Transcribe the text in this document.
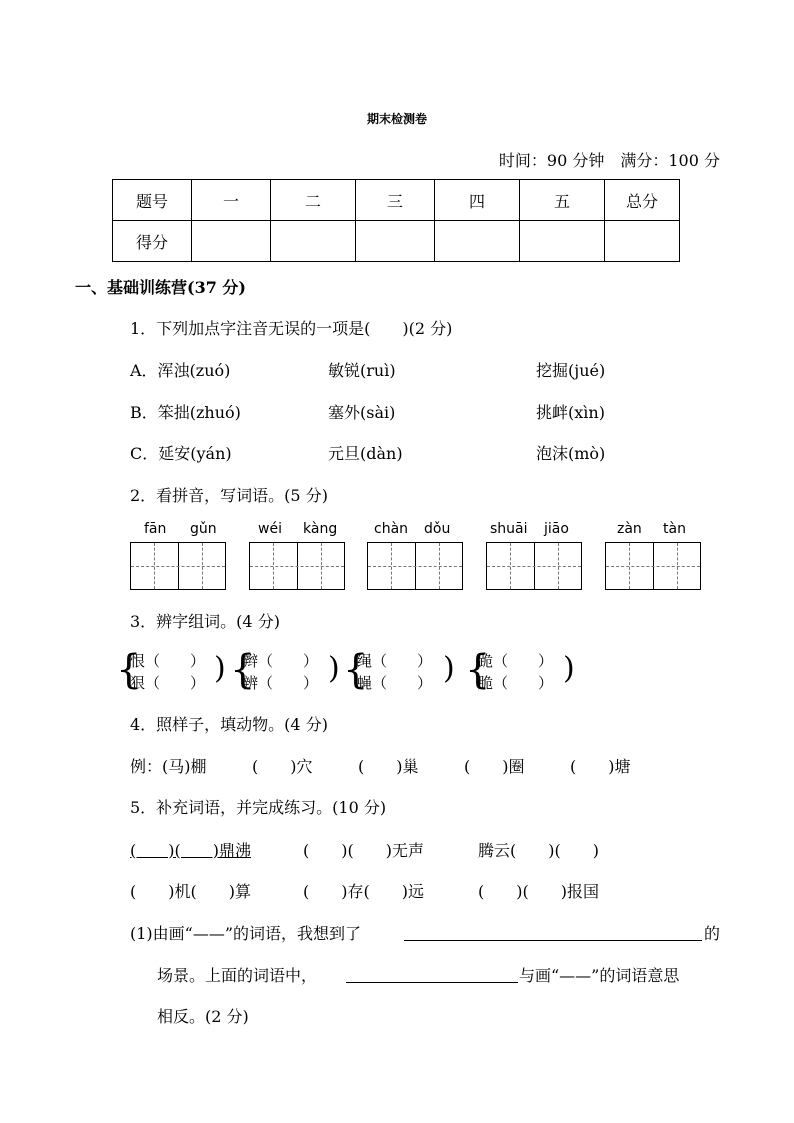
期末检测卷
时间：90 分钟　满分：100 分
题号	一	二	三	四	五	总分
得分						
一、基础训练营(37 分)
1．下列加点字注音无误的一项是(　　)(2 分)
A．浑浊(zuó)	敏锐(ruì)	挖掘(jué)
B．笨拙(zhuó)	塞外(sài)	挑衅(xìn)
C．延安(yán)	元旦(dàn)	泡沫(mò)
2．看拼音，写词语。(5 分)
fān gǔn	wéi kàng	chàn dǒu	shuāi jiāo	zàn tàn
3．辨字组词。(4 分)
{
恨（　　）
狠（　　） ) {
辫（　　）
辨（　　） ) {
绳（　　）
蝇（　　） ) {
跪（　　）
脆（　　） )
4．照样子，填动物。(4 分)
例：(马)棚	(　　)穴	(　　)巢	(　　)圈	(　　)塘
5．补充词语，并完成练习。(10 分)
(　　)(　　)鼎沸	(　　)(　　)无声	腾云(　　)(　　)
(　　)机(　　)算	(　　)存(　　)远	(　　)(　　)报国
(1)由画“——”的词语，我想到了	的
场景。上面的词语中，	与画“——”的词语意思
相反。(2 分)
